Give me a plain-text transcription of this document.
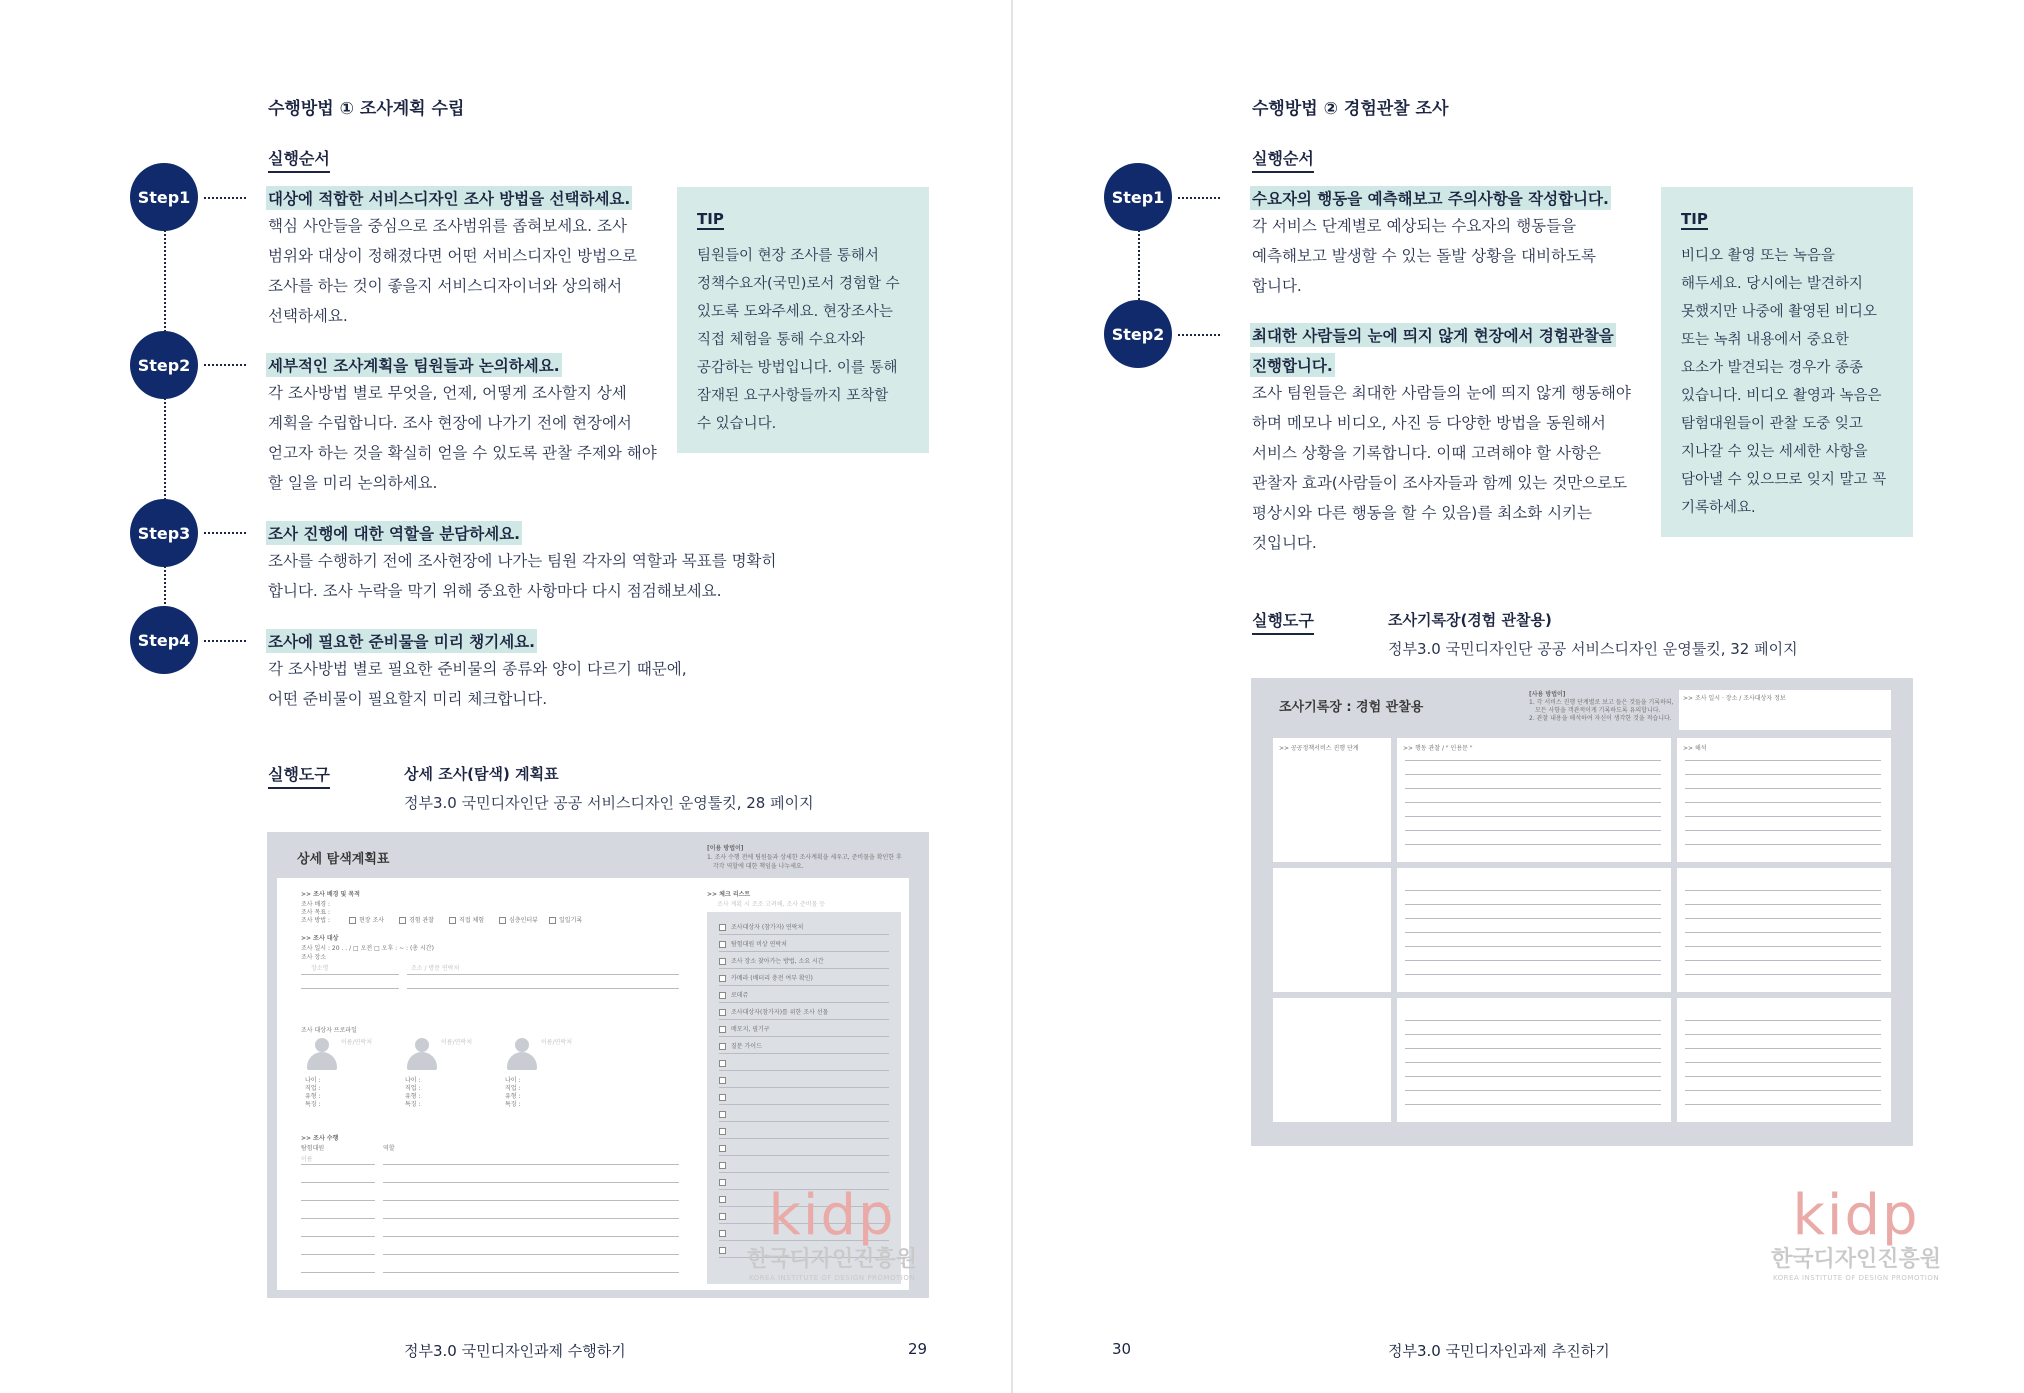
수행방법 ① 조사계획 수립
실행순서
Step1	대상에 적합한 서비스디자인 조사 방법을 선택하세요.
핵심 사안들을 중심으로 조사범위를 좁혀보세요. 조사
범위와 대상이 정해졌다면 어떤 서비스디자인 방법으로
조사를 하는 것이 좋을지 서비스디자이너와 상의해서
선택하세요.
Step2	세부적인 조사계획을 팀원들과 논의하세요.
각 조사방법 별로 무엇을, 언제, 어떻게 조사할지 상세
계획을 수립합니다. 조사 현장에 나가기 전에 현장에서
얻고자 하는 것을 확실히 얻을 수 있도록 관찰 주제와 해야
할 일을 미리 논의하세요.
Step3	조사 진행에 대한 역할을 분담하세요.
조사를 수행하기 전에 조사현장에 나가는 팀원 각자의 역할과 목표를 명확히
합니다. 조사 누락을 막기 위해 중요한 사항마다 다시 점검해보세요.
Step4	조사에 필요한 준비물을 미리 챙기세요.
각 조사방법 별로 필요한 준비물의 종류와 양이 다르기 때문에,
어떤 준비물이 필요할지 미리 체크합니다.
TIP
팀원들이 현장 조사를 통해서
정책수요자(국민)로서 경험할 수
있도록 도와주세요. 현장조사는
직접 체험을 통해 수요자와
공감하는 방법입니다. 이를 통해
잠재된 요구사항들까지 포착할
수 있습니다.
실행도구	상세 조사(탐색) 계획표
정부3.0 국민디자인단 공공 서비스디자인 운영툴킷, 28 페이지
상세 탐색계획표
[이용 방법이]
1. 조사 수행 전에 팀원들과 상세한 조사계획을 세우고, 준비물을 확인한 후
각각 역할에 대한 책임을 나누세요.
>> 조사 배경 및 목적
조사 배경 :
조사 목표 :
조사 방법 :	현장 조사	경험 관찰	직접 체험	심층인터뷰	일일기록
>> 조사 대상
조사 일시 : 20 . . / □ 오전 □ 오후 : ~ : (총 시간)
조사 장소
장소명	조소 / 방문 연락처
조사 대상자 프로파일
이름/연락처
나이 :
직업 :
유형 :
특징 :
이름/연락처
나이 :
직업 :
유형 :
특징 :
이름/연락처
나이 :
직업 :
유형 :
특징 :
>> 조사 수행
탐험대원	역할
이름
>> 체크 리스트
조사 계획 시 조조 고려해, 조사 준비물 등
조사대상자 (참가자) 연락처
탐험대원 비상 연락처
조사 장소 찾아가는 방법, 소요 시간
카메라 (배터리 충전 여부 확인)
로데쥬
조사대상자(참가자)를 위한 조사 선물
메모지, 필기구
질문 가이드
kidp
한국디자인진흥원
KOREA INSTITUTE OF DESIGN PROMOTION
정부3.0 국민디자인과제 수행하기	29
수행방법 ② 경험관찰 조사
실행순서
Step1	수요자의 행동을 예측해보고 주의사항을 작성합니다.
각 서비스 단계별로 예상되는 수요자의 행동들을
예측해보고 발생할 수 있는 돌발 상황을 대비하도록
합니다.
Step2	최대한 사람들의 눈에 띄지 않게 현장에서 경험관찰을
진행합니다.
조사 팀원들은 최대한 사람들의 눈에 띄지 않게 행동해야
하며 메모나 비디오, 사진 등 다양한 방법을 동원해서
서비스 상황을 기록합니다. 이때 고려해야 할 사항은
관찰자 효과(사람들이 조사자들과 함께 있는 것만으로도
평상시와 다른 행동을 할 수 있음)를 최소화 시키는
것입니다.
TIP
비디오 촬영 또는 녹음을
해두세요. 당시에는 발견하지
못했지만 나중에 촬영된 비디오
또는 녹취 내용에서 중요한
요소가 발견되는 경우가 종종
있습니다. 비디오 촬영과 녹음은
탐험대원들이 관찰 도중 잊고
지나갈 수 있는 세세한 사항을
담아낼 수 있으므로 잊지 말고 꼭
기록하세요.
실행도구	조사기록장(경험 관찰용)
정부3.0 국민디자인단 공공 서비스디자인 운영툴킷, 32 페이지
조사기록장 : 경험 관찰용
[사용 방법이]
1. 각 서비스 진행 단계별로 보고 들은 것들을 기록하되,
모든 사항을 객관적이게 기록하도록 유의합니다.
2. 관찰 내용을 해석하여 자신이 생각한 것을 적습니다.
>> 조사 일시 · 장소 / 조사대상자 정보
>> 공공정책서비스 진행 단계	>> 행동 관찰 / " 인용문 "	>> 해석
kidp
한국디자인진흥원
KOREA INSTITUTE OF DESIGN PROMOTION
30	정부3.0 국민디자인과제 추진하기
